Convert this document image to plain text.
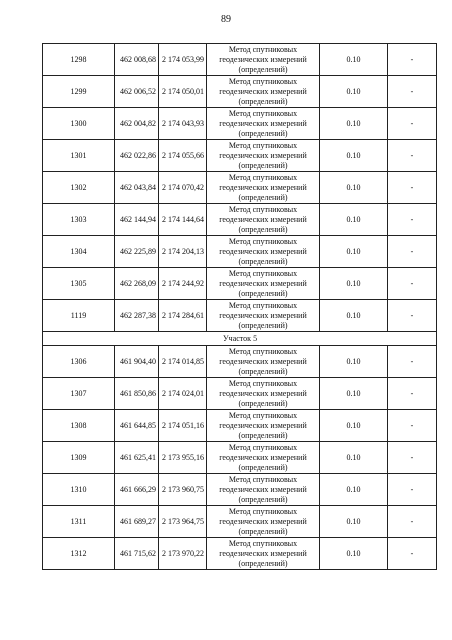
89
1298	462 008,68	2 174 053,99	Метод спутниковых
геодезических измерений
(определений)	0.10	-
1299	462 006,52	2 174 050,01	Метод спутниковых
геодезических измерений
(определений)	0.10	-
1300	462 004,82	2 174 043,93	Метод спутниковых
геодезических измерений
(определений)	0.10	-
1301	462 022,86	2 174 055,66	Метод спутниковых
геодезических измерений
(определений)	0.10	-
1302	462 043,84	2 174 070,42	Метод спутниковых
геодезических измерений
(определений)	0.10	-
1303	462 144,94	2 174 144,64	Метод спутниковых
геодезических измерений
(определений)	0.10	-
1304	462 225,89	2 174 204,13	Метод спутниковых
геодезических измерений
(определений)	0.10	-
1305	462 268,09	2 174 244,92	Метод спутниковых
геодезических измерений
(определений)	0.10	-
1119	462 287,38	2 174 284,61	Метод спутниковых
геодезических измерений
(определений)	0.10	-
Участок 5					
1306	461 904,40	2 174 014,85	Метод спутниковых
геодезических измерений
(определений)	0.10	-
1307	461 850,86	2 174 024,01	Метод спутниковых
геодезических измерений
(определений)	0.10	-
1308	461 644,85	2 174 051,16	Метод спутниковых
геодезических измерений
(определений)	0.10	-
1309	461 625,41	2 173 955,16	Метод спутниковых
геодезических измерений
(определений)	0.10	-
1310	461 666,29	2 173 960,75	Метод спутниковых
геодезических измерений
(определений)	0.10	-
1311	461 689,27	2 173 964,75	Метод спутниковых
геодезических измерений
(определений)	0.10	-
1312	461 715,62	2 173 970,22	Метод спутниковых
геодезических измерений
(определений)	0.10	-
